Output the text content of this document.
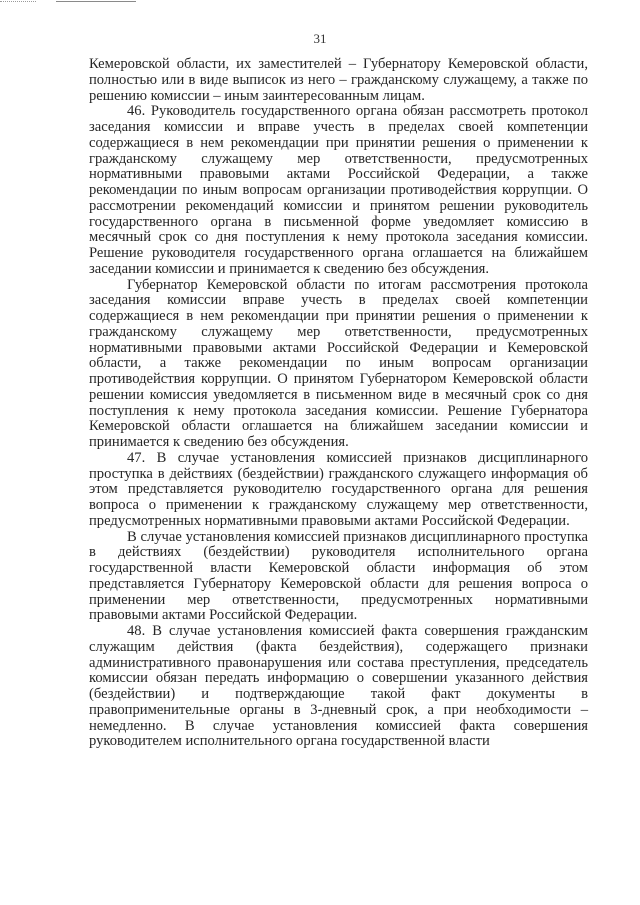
31

Кемеровской области, их заместителей – Губернатору Кемеровской области, полностью или в виде выписок из него – гражданскому служащему, а также по решению комиссии – иным заинтересованным лицам.

46. Руководитель государственного органа обязан рассмотреть протокол заседания комиссии и вправе учесть в пределах своей компетенции содержащиеся в нем рекомендации при принятии решения о применении к гражданскому служащему мер ответственности, предусмотренных нормативными правовыми актами Российской Федерации, а также рекомендации по иным вопросам организации противодействия коррупции. О рассмотрении рекомендаций комиссии и принятом решении руководитель государственного органа в письменной форме уведомляет комиссию в месячный срок со дня поступления к нему протокола заседания комиссии. Решение руководителя государственного органа оглашается на ближайшем заседании комиссии и принимается к сведению без обсуждения.

Губернатор Кемеровской области по итогам рассмотрения протокола заседания комиссии вправе учесть в пределах своей компетенции содержащиеся в нем рекомендации при принятии решения о применении к гражданскому служащему мер ответственности, предусмотренных нормативными правовыми актами Российской Федерации и Кемеровской области, а также рекомендации по иным вопросам организации противодействия коррупции. О принятом Губернатором Кемеровской области решении комиссия уведомляется в письменном виде в месячный срок со дня поступления к нему протокола заседания комиссии. Решение Губернатора Кемеровской области оглашается на ближайшем заседании комиссии и принимается к сведению без обсуждения.

47. В случае установления комиссией признаков дисциплинарного проступка в действиях (бездействии) гражданского служащего информация об этом представляется руководителю государственного органа для решения вопроса о применении к гражданскому служащему мер ответственности, предусмотренных нормативными правовыми актами Российской Федерации.

В случае установления комиссией признаков дисциплинарного проступка в действиях (бездействии) руководителя исполнительного органа государственной власти Кемеровской области информация об этом представляется Губернатору Кемеровской области для решения вопроса о применении мер ответственности, предусмотренных нормативными правовыми актами Российской Федерации.

48. В случае установления комиссией факта совершения гражданским служащим действия (факта бездействия), содержащего признаки административного правонарушения или состава преступления, председатель комиссии обязан передать информацию о совершении указанного действия (бездействии) и подтверждающие такой факт документы в правоприменительные органы в 3-дневный срок, а при необходимости – немедленно. В случае установления комиссией факта совершения руководителем исполнительного органа государственной власти
